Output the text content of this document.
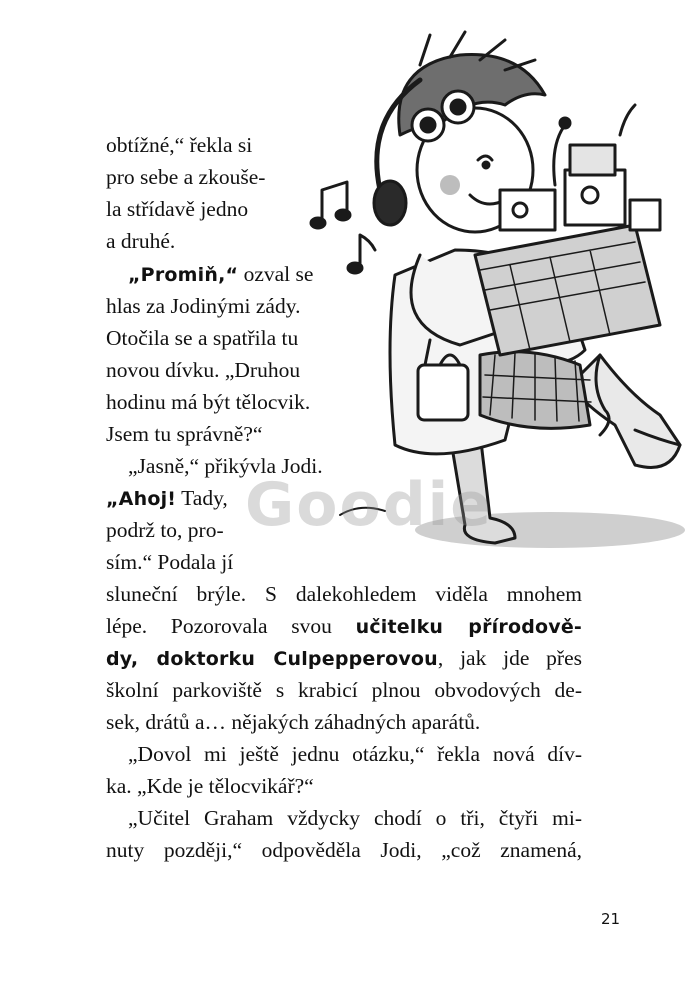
obtížné,“ řekla si

pro sebe a zkouše-

la střídavě jedno

a druhé.

„Promiň,“ ozval se

hlas za Jodinými zády.

Otočila se a spatřila tu

novou dívku. „Druhou

hodinu má být tělocvik.

Jsem tu správně?“

„Jasně,“ přikývla Jodi.

„Ahoj! Tady,

podrž to, pro-

sím.“ Podala jí

sluneční brýle. S dalekohledem viděla mnohem

lépe. Pozorovala svou učitelku přírodově-

dy, doktorku Culpepperovou, jak jde přes

školní parkoviště s krabicí plnou obvodových de-

sek, drátů a… nějakých záhadných aparátů.

„Dovol mi ještě jednu otázku,“ řekla nová dív-

ka. „Kde je tělocvikář?“

„Učitel Graham vždycky chodí o tři, čtyři mi-

nuty později,“ odpověděla Jodi, „což znamená,

21
Goodie
